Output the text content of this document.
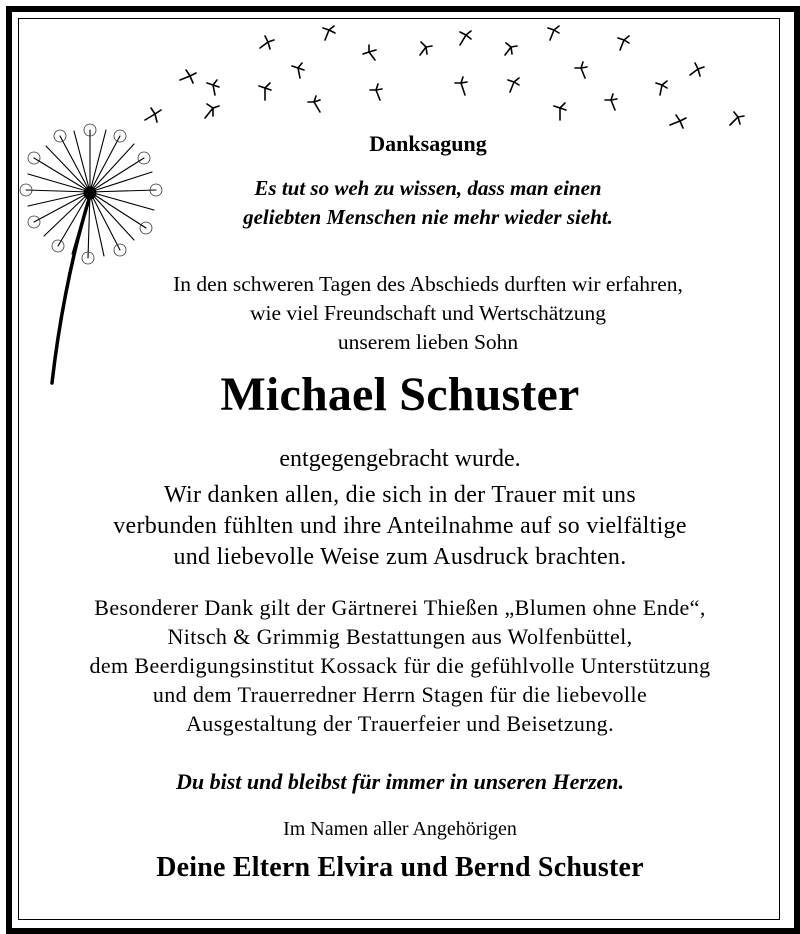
Danksagung
Es tut so weh zu wissen, dass man einen
geliebten Menschen nie mehr wieder sieht.
In den schweren Tagen des Abschieds durften wir erfahren,
wie viel Freundschaft und Wertschätzung
unserem lieben Sohn
Michael Schuster
entgegengebracht wurde.
Wir danken allen, die sich in der Trauer mit uns
verbunden fühlten und ihre Anteilnahme auf so vielfältige
und liebevolle Weise zum Ausdruck brachten.
Besonderer Dank gilt der Gärtnerei Thießen „Blumen ohne Ende“,
Nitsch & Grimmig Bestattungen aus Wolfenbüttel,
dem Beerdigungsinstitut Kossack für die gefühlvolle Unterstützung
und dem Trauerredner Herrn Stagen für die liebevolle
Ausgestaltung der Trauerfeier und Beisetzung.
Du bist und bleibst für immer in unseren Herzen.
Im Namen aller Angehörigen
Deine Eltern Elvira und Bernd Schuster
